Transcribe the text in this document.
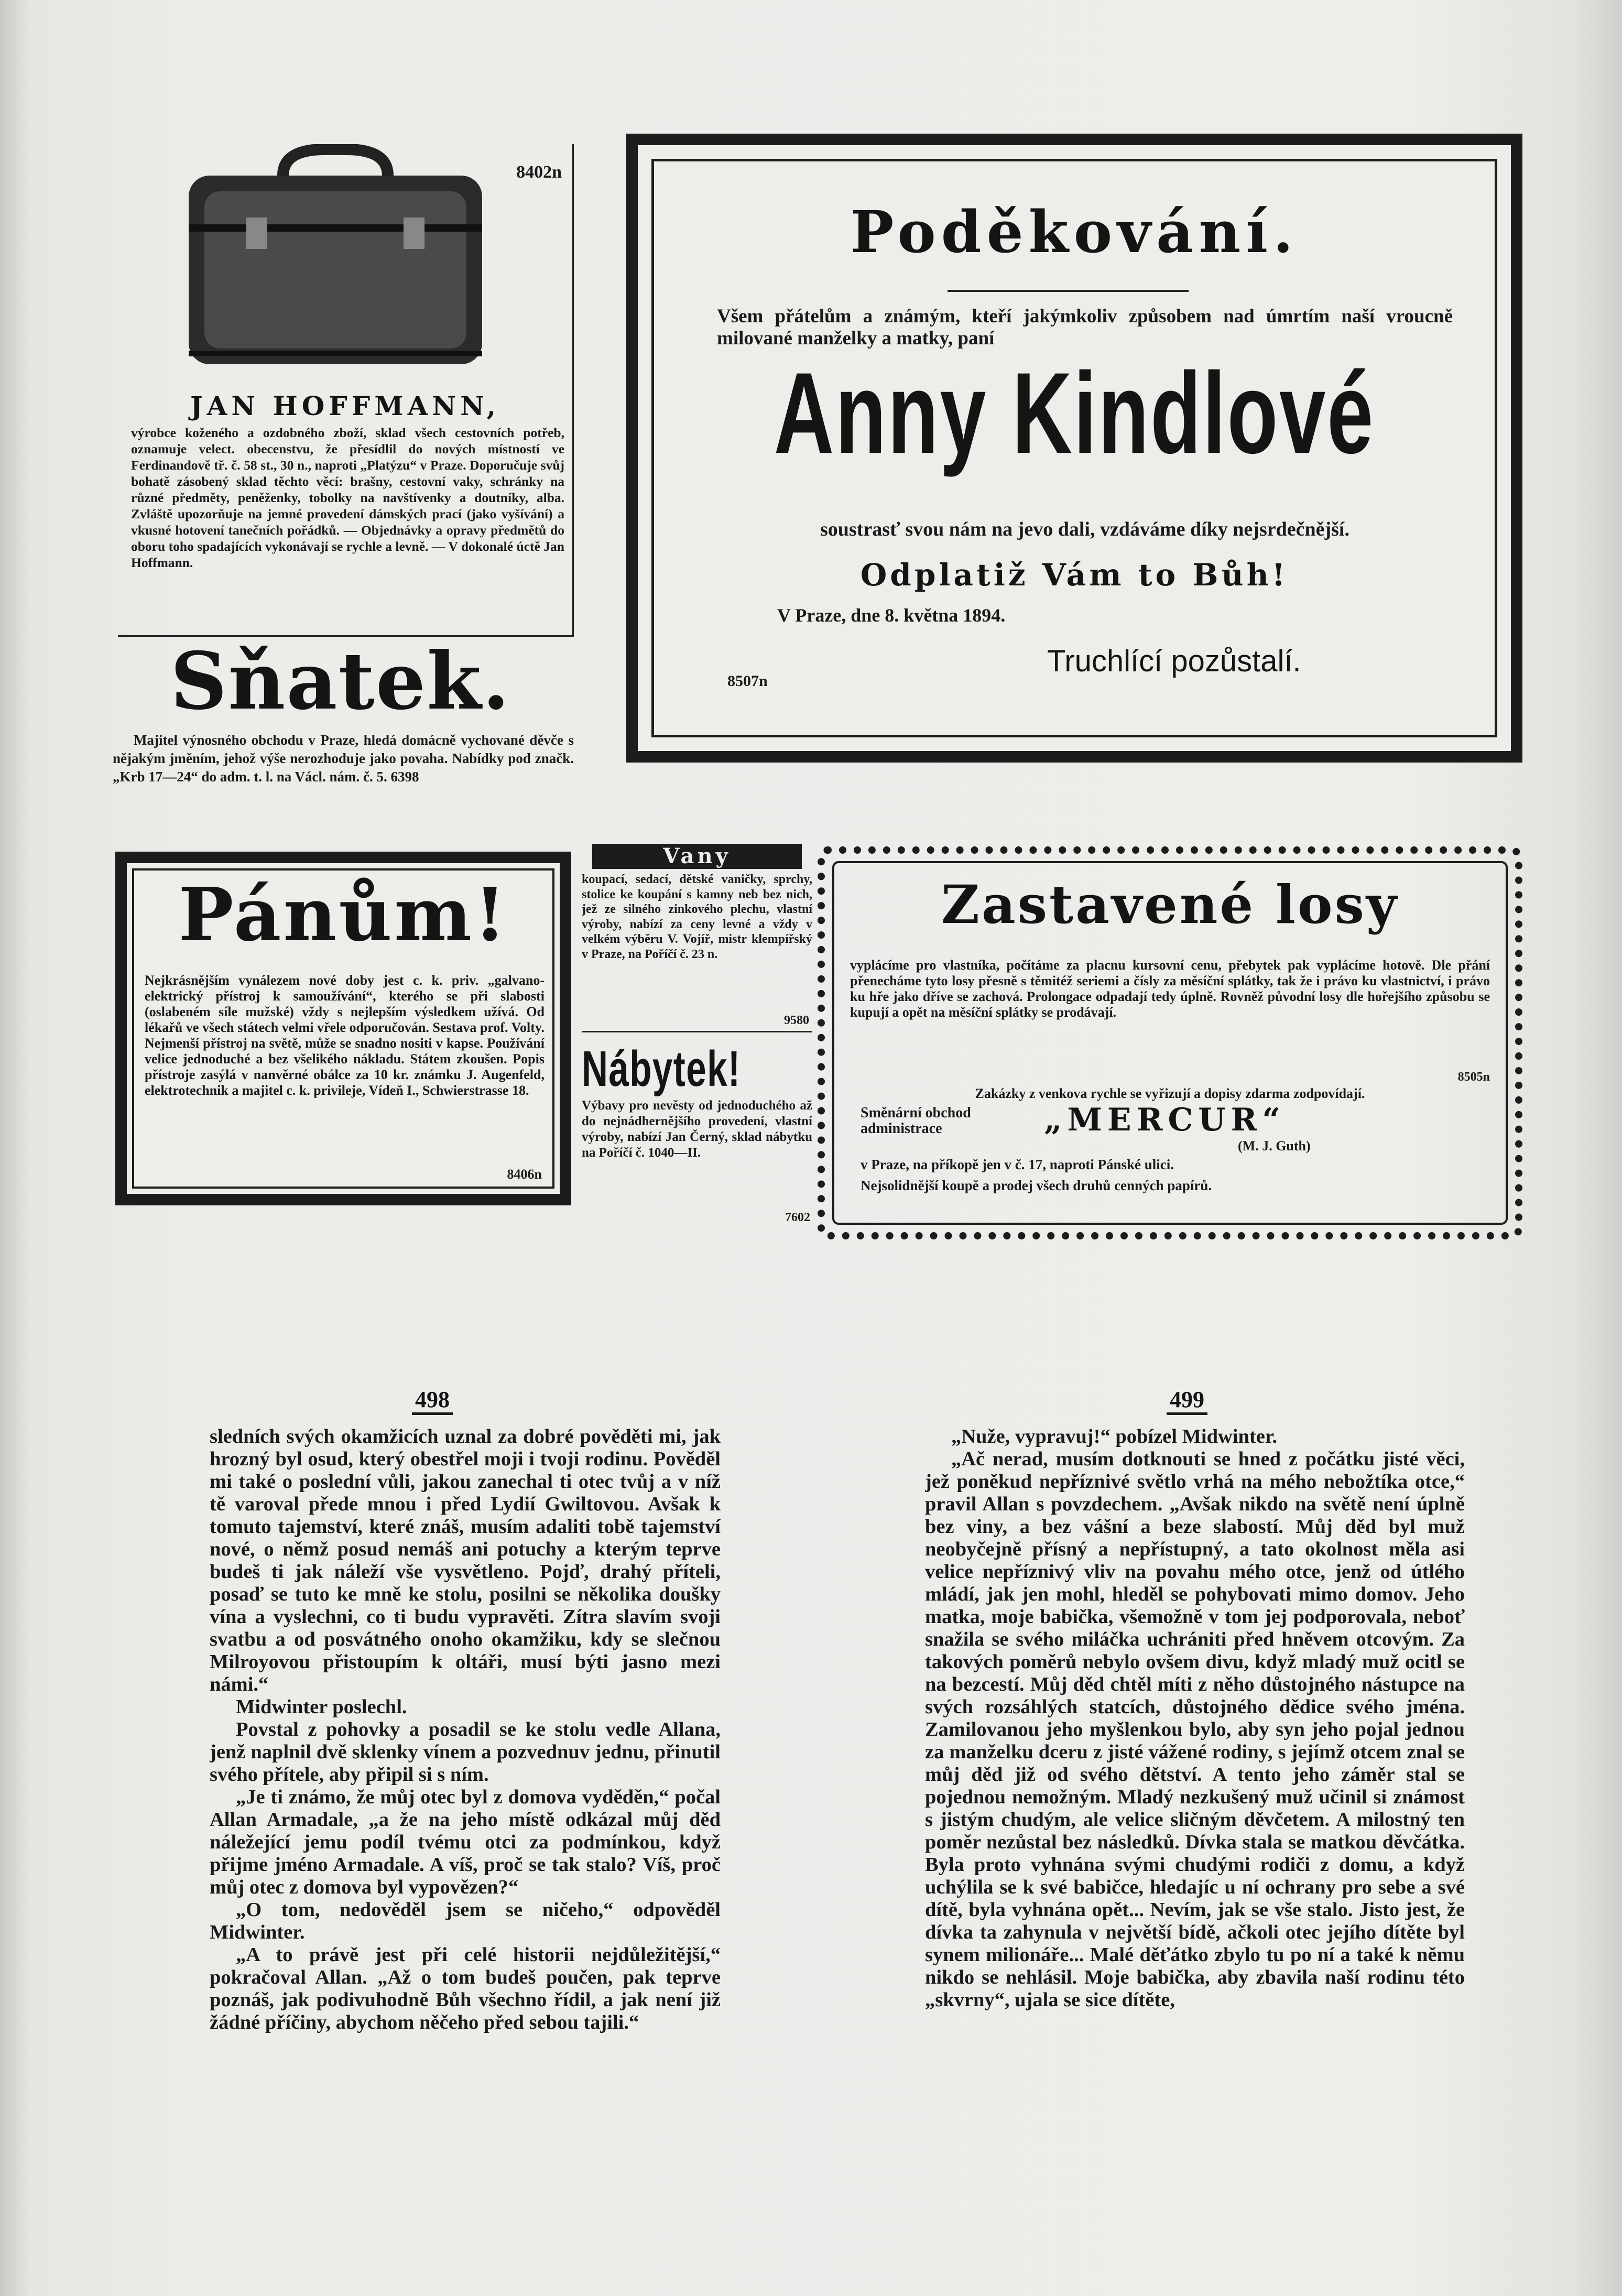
8402n
JAN HOFFMANN,
výrobce koženého a ozdobného zboží, sklad všech cestovních potřeb, oznamuje velect. obecenstvu, že přesídlil do nových místností ve Ferdinandově tř. č. 58 st., 30 n., naproti „Platýzu“ v Praze. Doporučuje svůj bohatě zásobený sklad těchto věcí: brašny, cestovní vaky, schránky na různé předměty, peněženky, tobolky na navštívenky a doutníky, alba. Zvláště upozorňuje na jemné provedení dámských prací (jako vyšívání) a vkusné hotovení tanečních pořádků. — Objednávky a opravy předmětů do oboru toho spadajících vykonávají se rychle a levně. — V dokonalé úctě Jan Hoffmann.
Sňatek.
Majitel výnosného obchodu v Praze, hledá domácně vychované děvče s nějakým jměním, jehož výše nerozhoduje jako povaha. Nabídky pod značk. „Krb 17—24“ do adm. t. l. na Václ. nám. č. 5. 6398
Poděkování.
Všem přátelům a známým, kteří jakýmkoliv způsobem nad úmrtím naší vroucně milované manželky a matky, paní
Anny Kindlové
soustrasť svou nám na jevo dali, vzdáváme díky nejsrdečnější.
Odplatiž Vám to Bůh!
V Praze, dne 8. května 1894.
8507n
Truchlící pozůstalí.
Pánům!
Nejkrásnějším vynálezem nové doby jest c. k. priv. „galvano-elektrický přístroj k samoužívání“, kterého se při slabosti (oslabeném síle mužské) vždy s nejlepším výsledkem užívá. Od lékařů ve všech státech velmi vřele odporučován. Sestava prof. Volty. Nejmenší přístroj na světě, může se snadno nositi v kapse. Používání velice jednoduché a bez všelikého nákladu. Státem zkoušen. Popis přístroje zasýlá v nanvěrné obálce za 10 kr. známku J. Augenfeld, elektrotechnik a majitel c. k. privileje, Vídeň I., Schwierstrasse 18.
8406n
Vany
koupací, sedací, dětské vaničky, sprchy, stolice ke koupání s kamny neb bez nich, jež ze silného zinkového plechu, vlastní výroby, nabízí za ceny levné a vždy v velkém výběru V. Vojíř, mistr klempířský v Praze, na Poříčí č. 23 n.
9580
Nábytek!
Výbavy pro nevěsty od jednoduchého až do nejnádhernějšího provedení, vlastní výroby, nabízí Jan Černý, sklad nábytku na Poříčí č. 1040—II.
7602
Zastavené losy
vyplácíme pro vlastníka, počítáme za placnu kursovní cenu, přebytek pak vyplácíme hotově. Dle přání přenecháme tyto losy přesně s těmitéž seriemi a čísly za měsíční splátky, tak že i právo ku vlastnictví, i právo ku hře jako dříve se zachová. Prolongace odpadají tedy úplně. Rovněž původní losy dle hořejšího způsobu se kupují a opět na měsíční splátky se prodávají.
8505n
Zakázky z venkova rychle se vyřizují a dopisy zdarma zodpovídají.
Směnární obchod administrace	„MERCUR“
(M. J. Guth)
v Praze, na příkopě jen v č. 17, naproti Pánské ulici.
Nejsolidnější koupě a prodej všech druhů cenných papírů.
498	499

sledních svých okamžicích uznal za dobré pověděti mi, jak hrozný byl osud, který obestřel moji i tvoji rodinu. Pověděl mi také o poslední vůli, jakou zanechal ti otec tvůj a v níž tě varoval přede mnou i před Lydií Gwiltovou. Avšak k tomuto tajemství, které znáš, musím adaliti tobě tajemství nové, o němž posud nemáš ani potuchy a kterým teprve budeš ti jak náleží vše vysvětleno. Pojď, drahý příteli, posaď se tuto ke mně ke stolu, posilni se několika doušky vína a vyslechni, co ti budu vypravěti. Zítra slavím svoji svatbu a od posvátného onoho okamžiku, kdy se slečnou Milroyovou přistoupím k oltáři, musí býti jasno mezi námi.“

Midwinter poslechl.

Povstal z pohovky a posadil se ke stolu vedle Allana, jenž naplnil dvě sklenky vínem a pozvednuv jednu, přinutil svého přítele, aby připil si s ním.

„Je ti známo, že můj otec byl z domova vyděděn,“ počal Allan Armadale, „a že na jeho místě odkázal můj děd náležející jemu podíl tvému otci za podmínkou, když přijme jméno Armadale. A víš, proč se tak stalo? Víš, proč můj otec z domova byl vypovězen?“

„O tom, nedověděl jsem se ničeho,“ odpověděl Midwinter.

„A to právě jest při celé historii nejdůležitější,“ pokračoval Allan. „Až o tom budeš poučen, pak teprve poznáš, jak podivuhodně Bůh všechno řídil, a jak není již žádné příčiny, abychom něčeho před sebou tajili.“

„Nuže, vypravuj!“ pobízel Midwinter.

„Ač nerad, musím dotknouti se hned z počátku jisté věci, jež poněkud nepříznivé světlo vrhá na mého nebožtíka otce,“ pravil Allan s povzdechem. „Avšak nikdo na světě není úplně bez viny, a bez vášní a beze slabostí. Můj děd byl muž neobyčejně přísný a nepřístupný, a tato okolnost měla asi velice nepříznivý vliv na povahu mého otce, jenž od útlého mládí, jak jen mohl, hleděl se pohybovati mimo domov. Jeho matka, moje babička, všemožně v tom jej podporovala, neboť snažila se svého miláčka uchrániti před hněvem otcovým. Za takových poměrů nebylo ovšem divu, když mladý muž ocitl se na bezcestí. Můj děd chtěl míti z něho důstojného nástupce na svých rozsáhlých statcích, důstojného dědice svého jména. Zamilovanou jeho myšlenkou bylo, aby syn jeho pojal jednou za manželku dceru z jisté vážené rodiny, s jejímž otcem znal se můj děd již od svého dětství. A tento jeho záměr stal se pojednou nemožným. Mladý nezkušený muž učinil si známost s jistým chudým, ale velice sličným děvčetem. A milostný ten poměr nezůstal bez následků. Dívka stala se matkou děvčátka. Byla proto vyhnána svými chudými rodiči z domu, a když uchýlila se k své babičce, hledajíc u ní ochrany pro sebe a své dítě, byla vyhnána opět... Nevím, jak se vše stalo. Jisto jest, že dívka ta zahynula v největší bídě, ačkoli otec jejího dítěte byl synem milionáře... Malé děťátko zbylo tu po ní a také k němu nikdo se nehlásil. Moje babička, aby zbavila naší rodinu této „skvrny“, ujala se sice dítěte,
